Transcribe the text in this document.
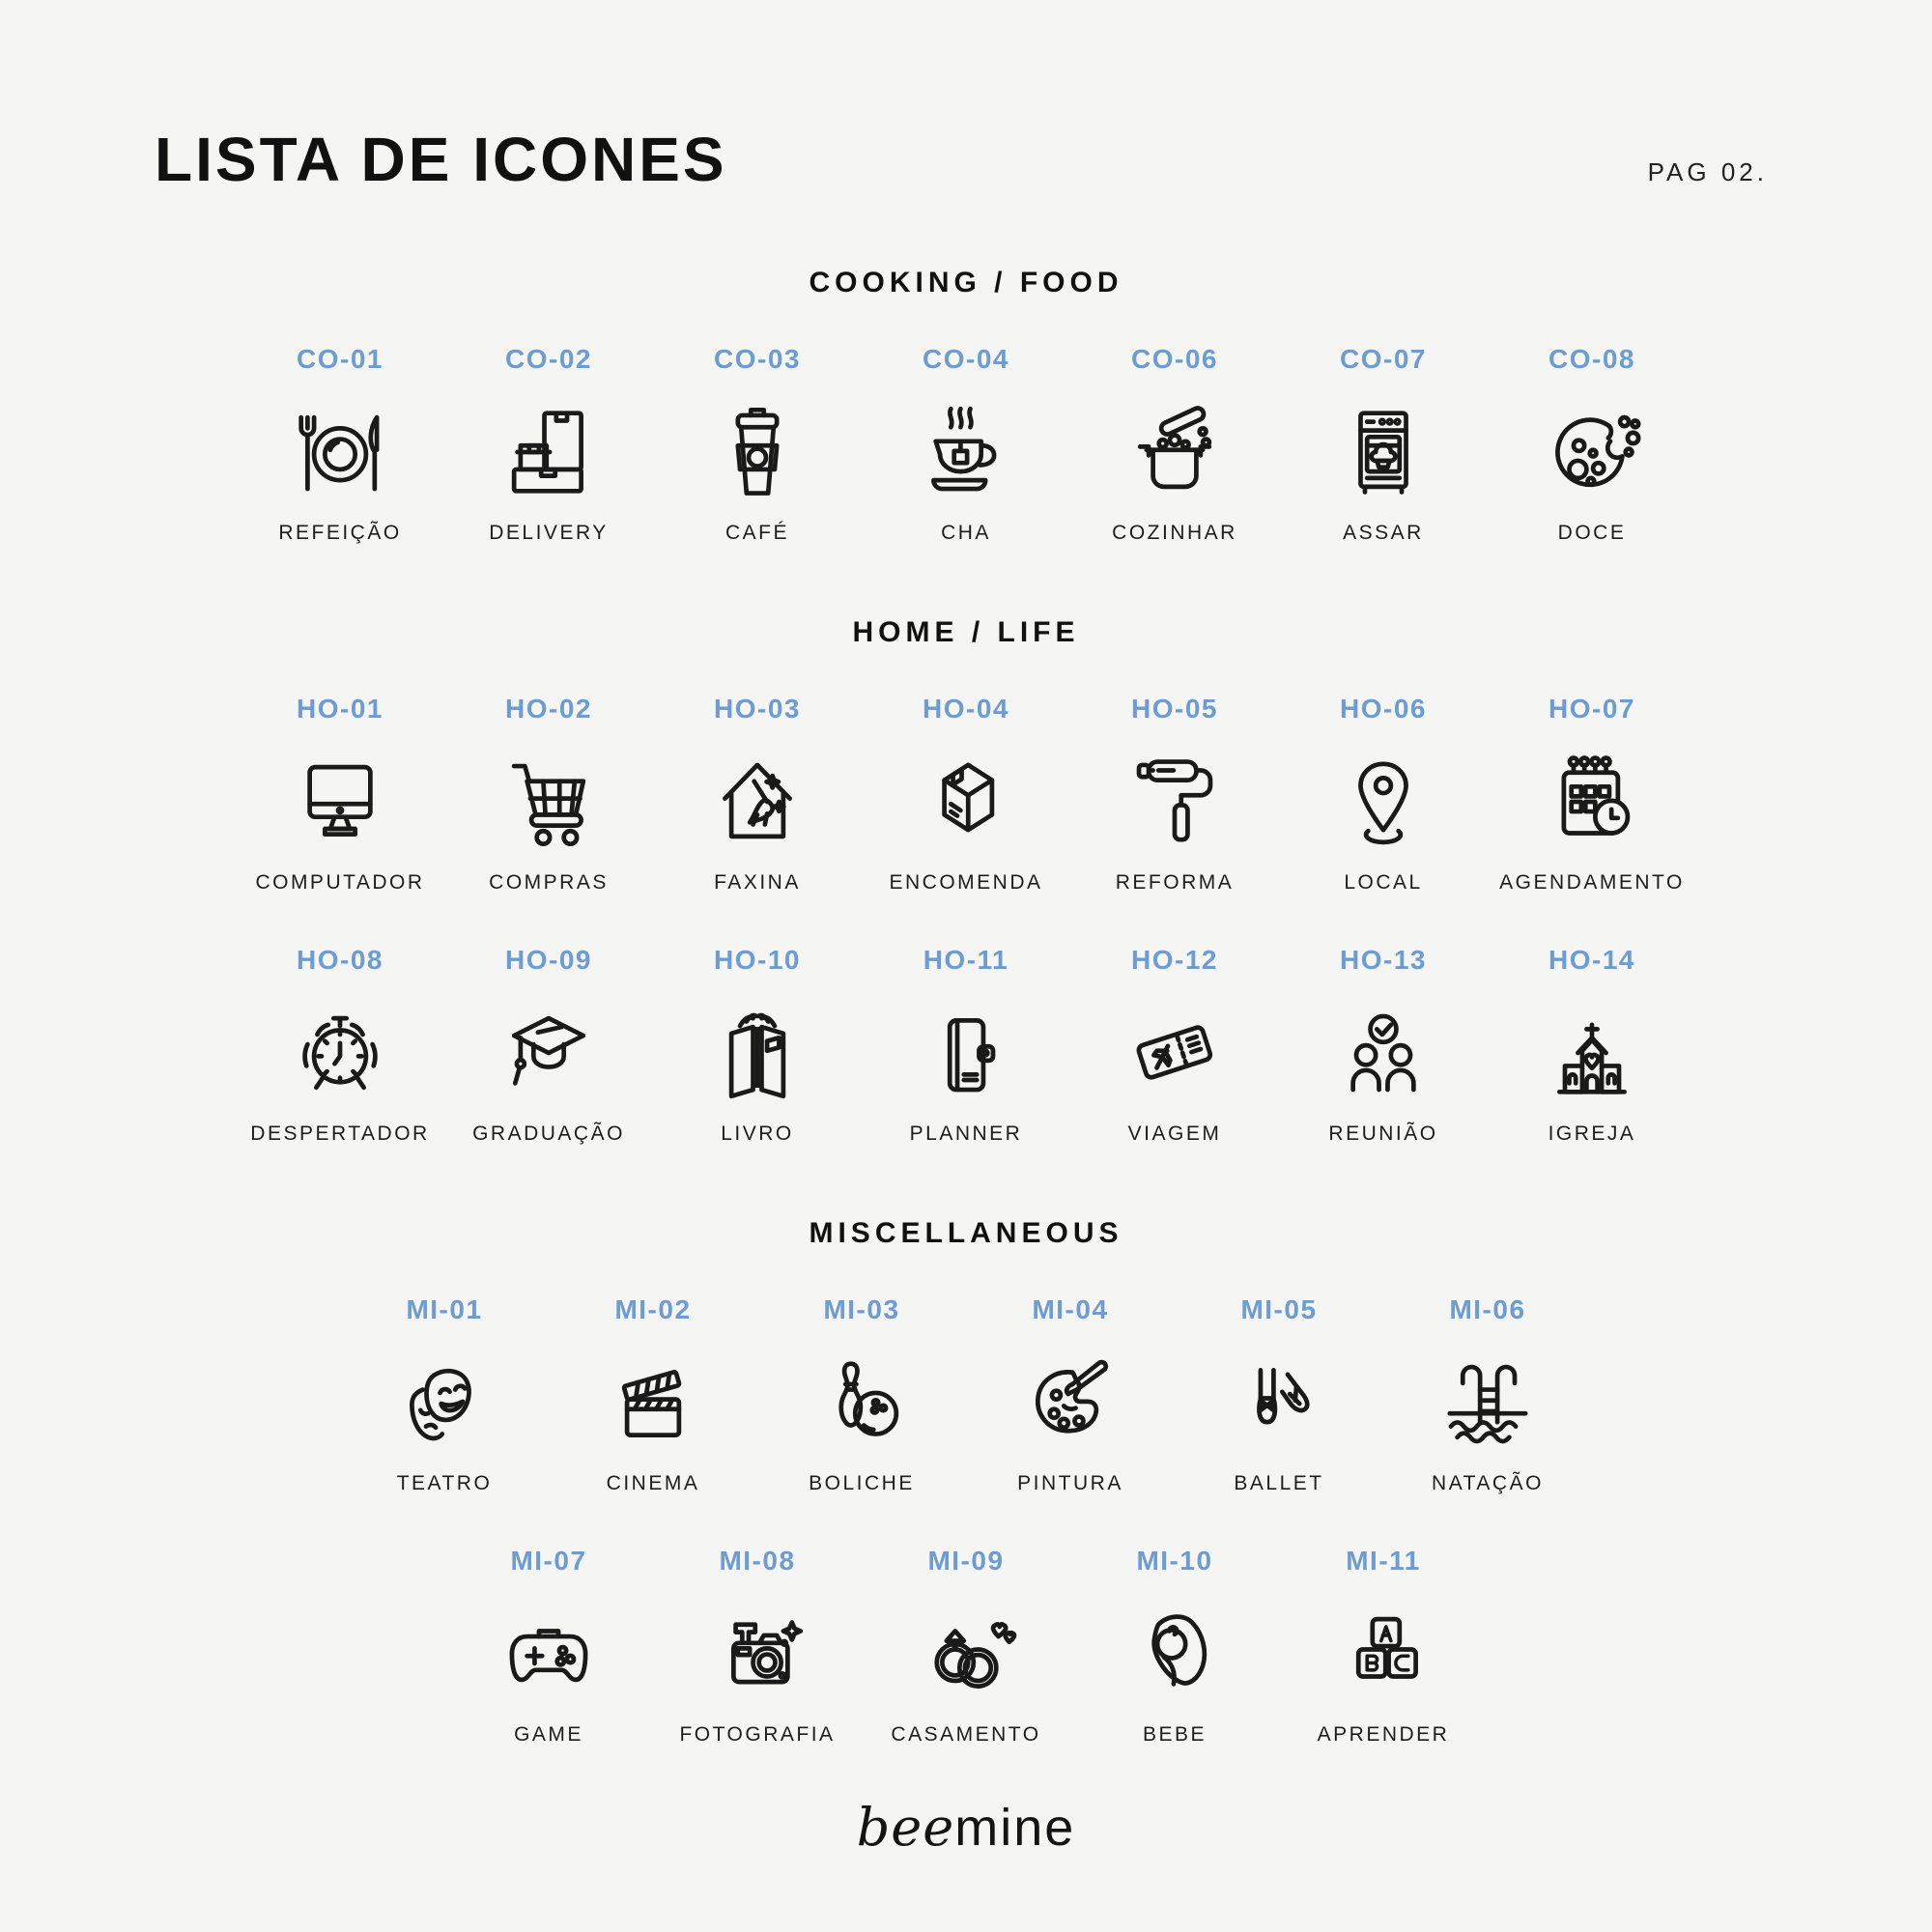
LISTA DE ICONES	PAG 02.
COOKING / FOOD
CO-01
REFEIÇÃO
CO-02
DELIVERY
CO-03
CAFÉ
CO-04
CHA
CO-06
COZINHAR
CO-07
ASSAR
CO-08
DOCE
HOME / LIFE
HO-01
COMPUTADOR
HO-02
COMPRAS
HO-03
FAXINA
HO-04
ENCOMENDA
HO-05
REFORMA
HO-06
LOCAL
HO-07
AGENDAMENTO
HO-08
DESPERTADOR
HO-09
GRADUAÇÃO
HO-10
LIVRO
HO-11
PLANNER
HO-12
VIAGEM
HO-13
REUNIÃO
HO-14
IGREJA
MISCELLANEOUS
MI-01
TEATRO
MI-02
CINEMA
MI-03
BOLICHE
MI-04
PINTURA
MI-05
BALLET
MI-06
NATAÇÃO
MI-07
GAME
MI-08
FOTOGRAFIA
MI-09
CASAMENTO
MI-10
BEBE
MI-11
APRENDER
beemine
